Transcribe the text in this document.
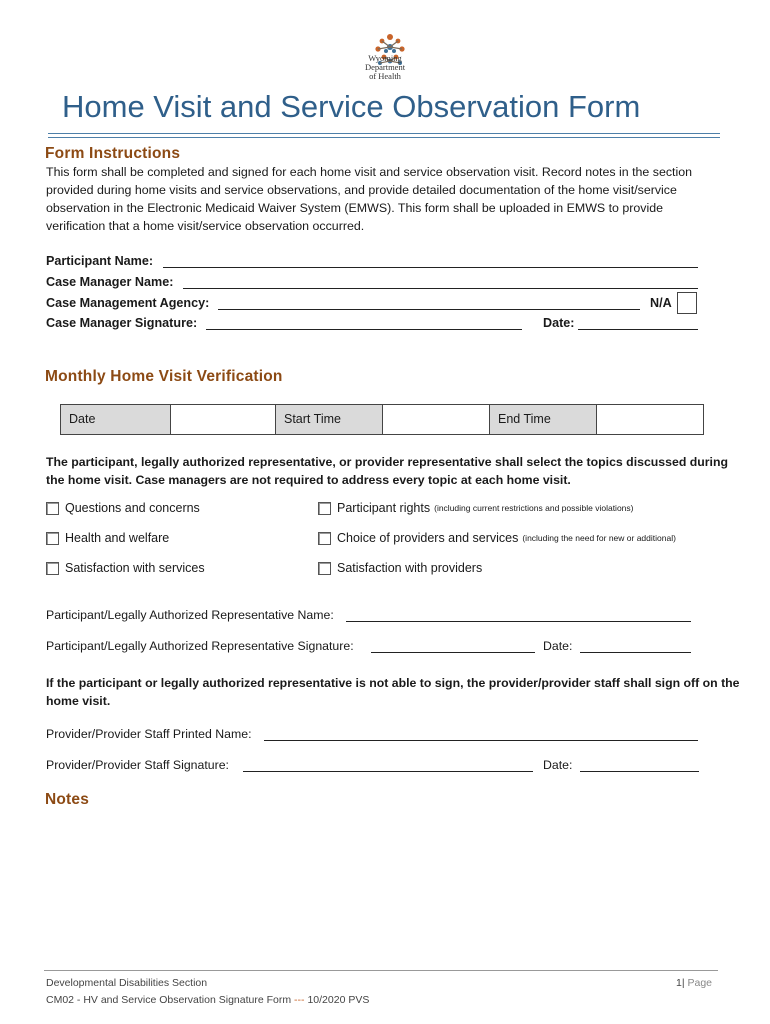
Wyoming
Department
of Health
Home Visit and Service Observation Form
Form Instructions
This form shall be completed and signed for each home visit and service observation visit. Record notes in the section
provided during home visits and service observations, and provide detailed documentation of the home visit/service
observation in the Electronic Medicaid Waiver System (EMWS). This form shall be uploaded in EMWS to provide
verification that a home visit/service observation occurred.
Participant Name:
Case Manager Name:
Case Management Agency:	N/A
Case Manager Signature:	Date:
Monthly Home Visit Verification
Date	Start Time	End Time
The participant, legally authorized representative, or provider representative shall select the topics discussed during
the home visit. Case managers are not required to address every topic at each home visit.
Questions and concerns
Health and welfare
Satisfaction with services
Participant rights (including current restrictions and possible violations)
Choice of providers and services (including the need for new or additional)
Satisfaction with providers
Participant/Legally Authorized Representative Name:
Participant/Legally Authorized Representative Signature:	Date:
If the participant or legally authorized representative is not able to sign, the provider/provider staff shall sign off on the
home visit.
Provider/Provider Staff Printed Name:
Provider/Provider Staff Signature:	Date:
Notes
Developmental Disabilities Section
CM02 - HV and Service Observation Signature Form --- 10/2020 PVS
1| Page
